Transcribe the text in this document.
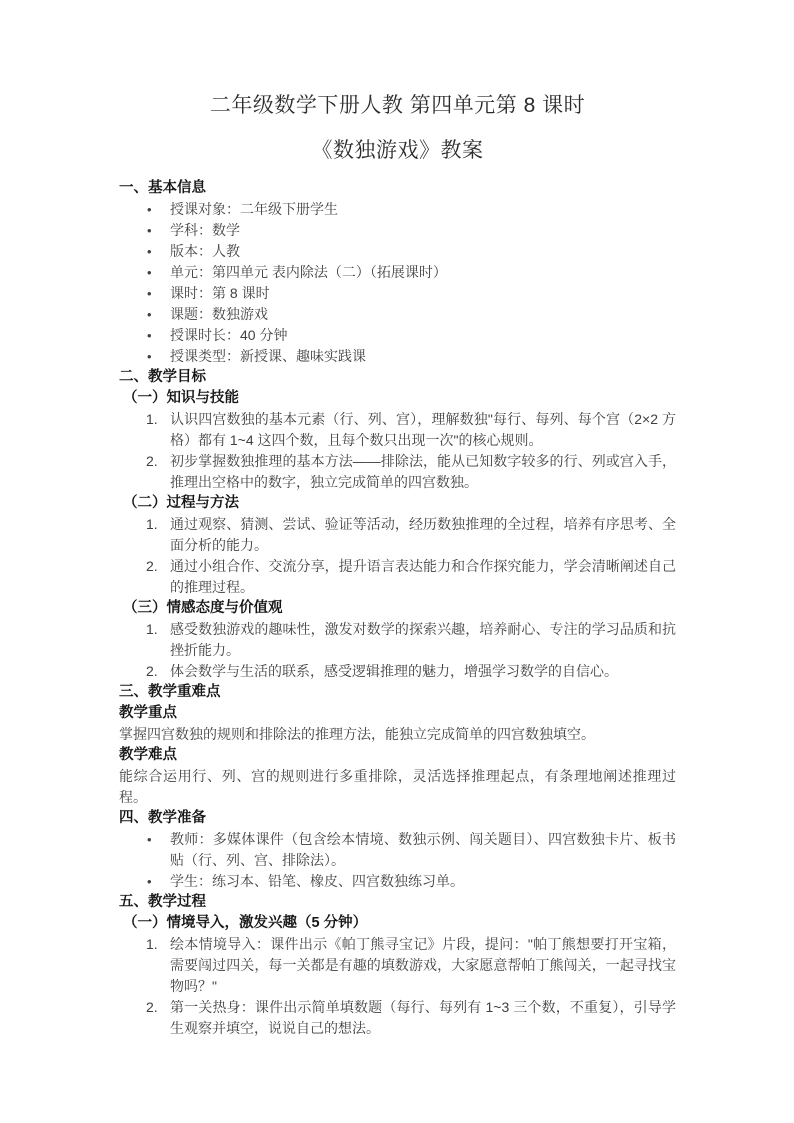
二年级数学下册人教 第四单元第 8 课时
《数独游戏》教案
一、基本信息
• 授课对象：二年级下册学生
• 学科：数学
• 版本：人教
• 单元：第四单元 表内除法（二）（拓展课时）
• 课时：第 8 课时
• 课题：数独游戏
• 授课时长：40 分钟
• 授课类型：新授课、趣味实践课
二、教学目标
（一）知识与技能
认识四宫数独的基本元素（行、列、宫），理解数独"每行、每列、每个宫（2×2 方格）都有 1~4 这四个数，且每个数只出现一次"的核心规则。
初步掌握数独推理的基本方法——排除法，能从已知数字较多的行、列或宫入手，推理出空格中的数字，独立完成简单的四宫数独。
（二）过程与方法
通过观察、猜测、尝试、验证等活动，经历数独推理的全过程，培养有序思考、全面分析的能力。
通过小组合作、交流分享，提升语言表达能力和合作探究能力，学会清晰阐述自己的推理过程。
（三）情感态度与价值观
感受数独游戏的趣味性，激发对数学的探索兴趣，培养耐心、专注的学习品质和抗挫折能力。
体会数学与生活的联系，感受逻辑推理的魅力，增强学习数学的自信心。
三、教学重难点
教学重点
掌握四宫数独的规则和排除法的推理方法，能独立完成简单的四宫数独填空。
教学难点
能综合运用行、列、宫的规则进行多重排除，灵活选择推理起点，有条理地阐述推理过程。
四、教学准备
• 教师：多媒体课件（包含绘本情境、数独示例、闯关题目）、四宫数独卡片、板书贴（行、列、宫、排除法）。
• 学生：练习本、铅笔、橡皮、四宫数独练习单。
五、教学过程
（一）情境导入，激发兴趣（5 分钟）
绘本情境导入：课件出示《帕丁熊寻宝记》片段，提问："帕丁熊想要打开宝箱，需要闯过四关，每一关都是有趣的填数游戏，大家愿意帮帕丁熊闯关，一起寻找宝物吗？"
第一关热身：课件出示简单填数题（每行、每列有 1~3 三个数，不重复），引导学生观察并填空，说说自己的想法。
